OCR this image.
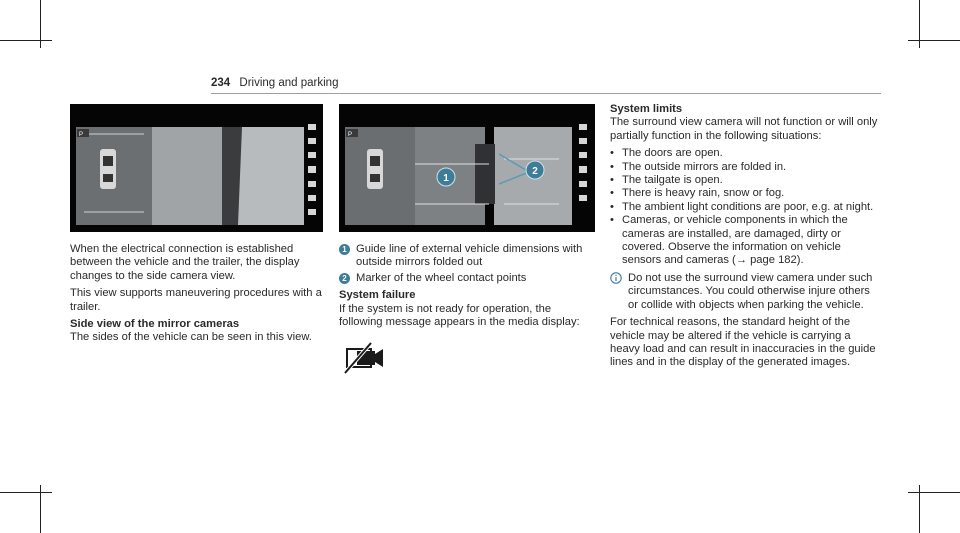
234 Driving and parking
P
1
2
P

When the electrical connection is established between the vehicle and the trailer, the display changes to the side camera view.

This view supports maneuvering procedures with a trailer.

Side view of the mirror cameras

The sides of the vehicle can be seen in this view.

1 Guide line of external vehicle dimensions with outside mirrors folded out
2 Marker of the wheel contact points

System failure

If the system is not ready for operation, the following message appears in the media display:

System limits

The surround view camera will not function or will only partially function in the following situations:

• The doors are open.
• The outside mirrors are folded in.
• The tailgate is open.
• There is heavy rain, snow or fog.
• The ambient light conditions are poor, e.g. at night.
• Cameras, or vehicle components in which the cameras are installed, are damaged, dirty or covered. Observe the information on vehicle sensors and cameras (→ page 182).
Do not use the surround view camera under such circumstances. You could otherwise injure others or collide with objects when parking the vehicle.

For technical reasons, the standard height of the vehicle may be altered if the vehicle is carrying a heavy load and can result in inaccuracies in the guide lines and in the display of the generated images.
